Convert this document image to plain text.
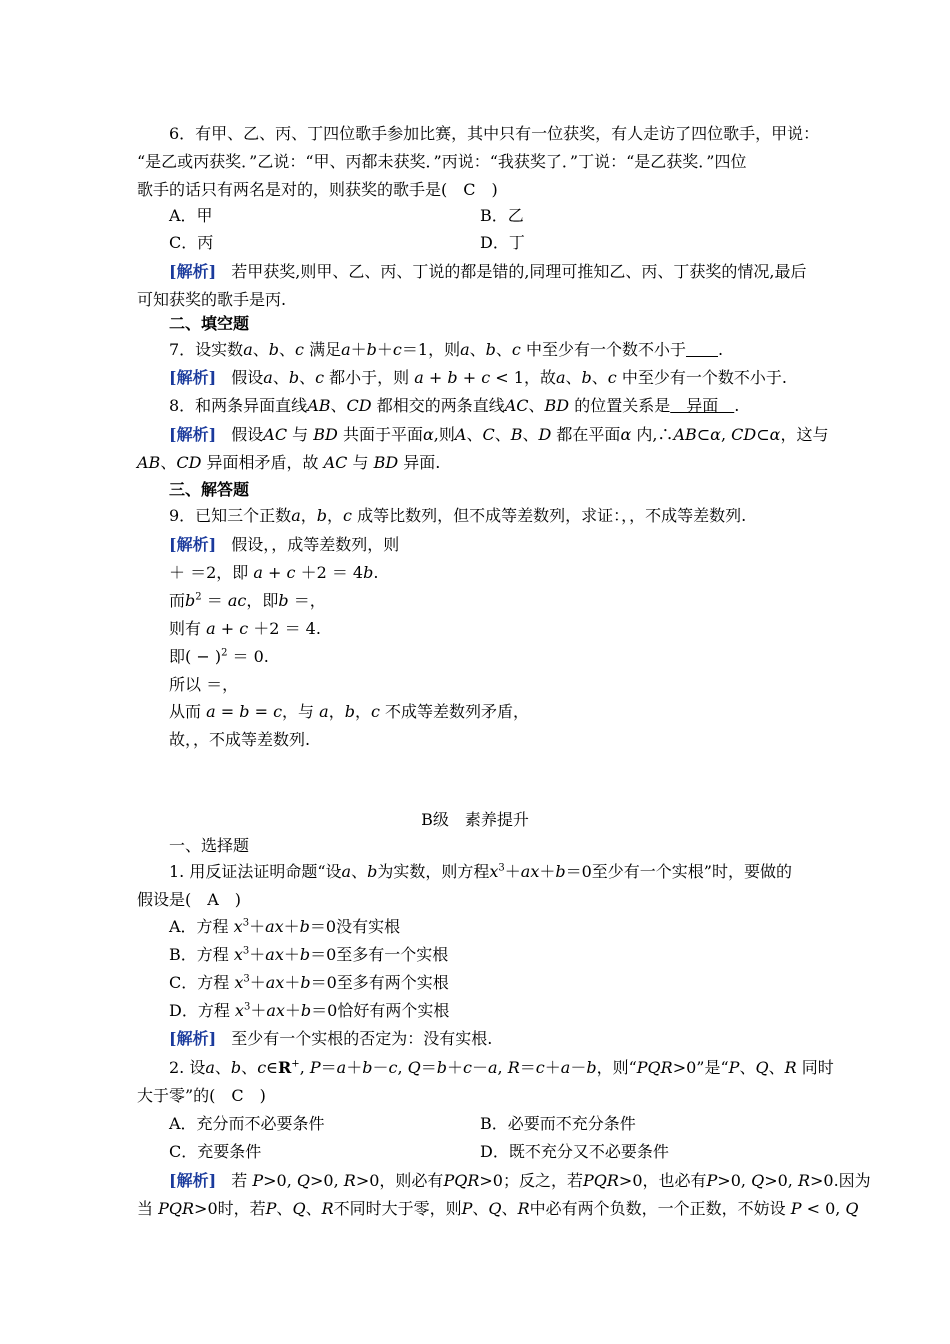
6．有甲、乙、丙、丁四位歌手参加比赛，其中只有一位获奖，有人走访了四位歌手，甲说：
“是乙或丙获奖．”乙说：“甲、丙都未获奖．”丙说：“我获奖了．”丁说：“是乙获奖．”四位
歌手的话只有两名是对的，则获奖的歌手是(　C　)
A．甲	B．乙
C．丙	D．丁
[解析] 若甲获奖,则甲、乙、丙、丁说的都是错的,同理可推知乙、丙、丁获奖的情况,最后
可知获奖的歌手是丙.
二、填空题
7．设实数a、b、c 满足a＋b＋c＝1，则a、b、c 中至少有一个数不小于　　 .
[解析] 假设a、b、c 都小于，则 a + b + c < 1，故a、b、c 中至少有一个数不小于.
8．和两条异面直线AB、CD 都相交的两条直线AC、BD 的位置关系是　异面　.
[解析] 假设AC 与 BD 共面于平面α,则A、C、B、D 都在平面α 内,∴AB⊂α, CD⊂α，这与
AB、CD 异面相矛盾，故 AC 与 BD 异面.
三、解答题
9．已知三个正数a，b，c 成等比数列，但不成等差数列，求证：，，不成等差数列.
[解析] 假设，，成等差数列，则
＋ ＝2，即 a + c ＋2 ＝ 4b.
而$b^2$ ＝ ac，即b ＝，
则有 a + c ＋2 ＝ 4.
即( − )$^2$ ＝ 0.
所以 ＝，
从而 a = b = c，与 a，b，c 不成等差数列矛盾，
故，，不成等差数列.
B级　素养提升
一、选择题
1. 用反证法证明命题“设a、b为实数，则方程$x^3+ax+b=0$至少有一个实根”时，要做的
假设是(　A　)
A．方程 $x^3+ax+b=0$没有实根
B．方程 $x^3+ax+b=0$至多有一个实根
C．方程 $x^3+ax+b=0$至多有两个实根
D．方程 $x^3+ax+b=0$恰好有两个实根
[解析] 至少有一个实根的否定为：没有实根.
2. 设a、b、c∈R+, P＝a＋b－c, Q＝b＋c－a, R＝c＋a－b，则“PQR>0”是“P、Q、R 同时
大于零”的(　C　)
A．充分而不必要条件	B．必要而不充分条件
C．充要条件	D．既不充分又不必要条件
[解析] 若 P>0, Q>0, R>0，则必有PQR>0；反之，若PQR>0，也必有P>0, Q>0, R>0.因为
当 PQR>0时，若P、Q、R不同时大于零，则P、Q、R中必有两个负数，一个正数，不妨设 P < 0, Q
